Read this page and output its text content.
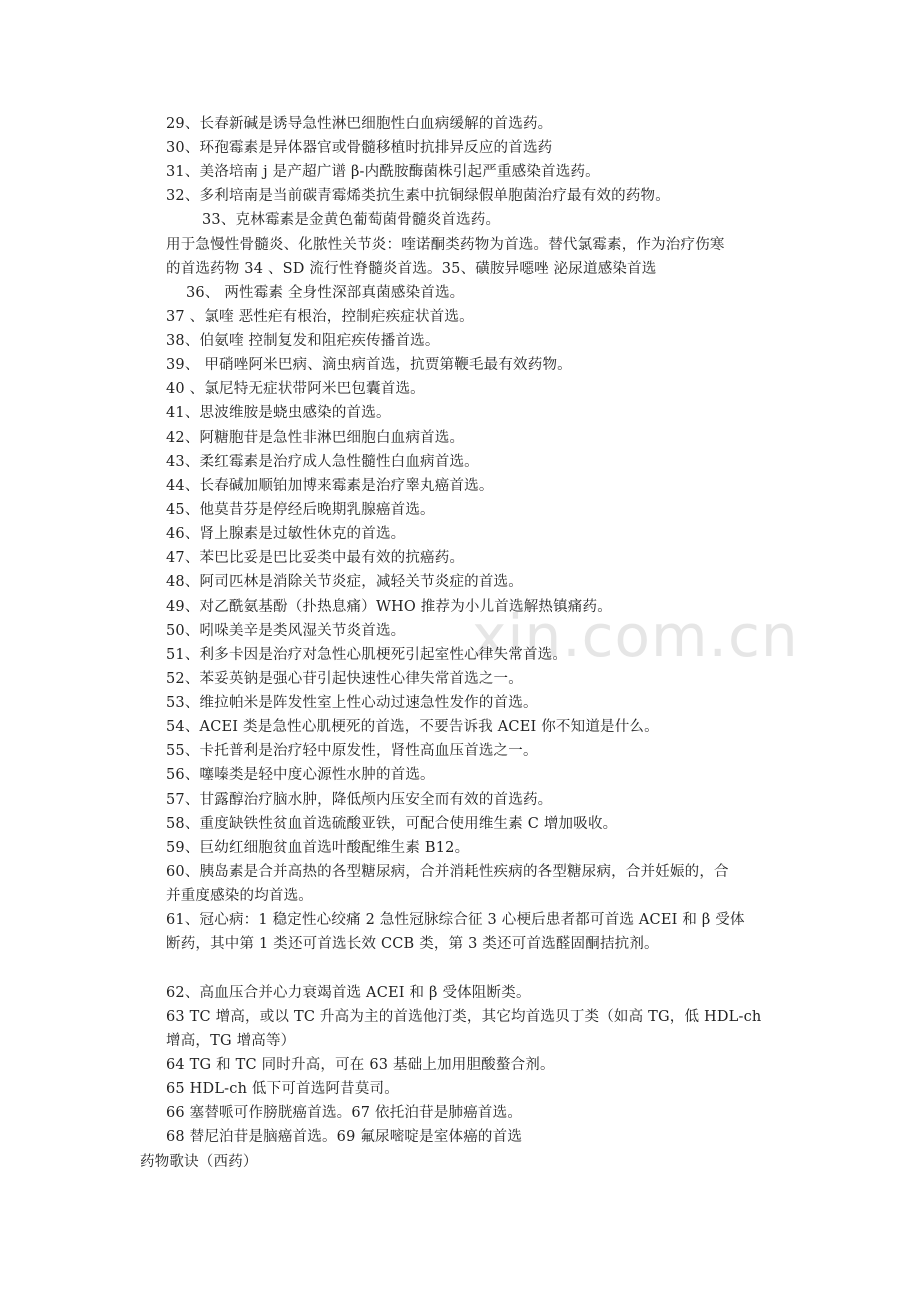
xin.com.cn
29、长春新碱是诱导急性淋巴细胞性白血病缓解的首选药。
30、环孢霉素是异体器官或骨髓移植时抗排异反应的首选药
31、美洛培南 j 是产超广谱 β-内酰胺酶菌株引起严重感染首选药。
32、多利培南是当前碳青霉烯类抗生素中抗铜绿假单胞菌治疗最有效的药物。
33、克林霉素是金黄色葡萄菌骨髓炎首选药。
用于急慢性骨髓炎、化脓性关节炎：喹诺酮类药物为首选。替代氯霉素，作为治疗伤寒
的首选药物 34 、SD 流行性脊髓炎首选。35、磺胺异噁唑 泌尿道感染首选
36、 两性霉素 全身性深部真菌感染首选。
37 、氯喹 恶性疟有根治，控制疟疾症状首选。
38、伯氨喹 控制复发和阻疟疾传播首选。
39、 甲硝唑阿米巴病、滴虫病首选，抗贾第鞭毛最有效药物。
40 、氯尼特无症状带阿米巴包囊首选。
41、思波维胺是蛲虫感染的首选。
42、阿糖胞苷是急性非淋巴细胞白血病首选。
43、柔红霉素是治疗成人急性髓性白血病首选。
44、长春碱加顺铂加博来霉素是治疗睾丸癌首选。
45、他莫昔芬是停经后晚期乳腺癌首选。
46、肾上腺素是过敏性休克的首选。
47、苯巴比妥是巴比妥类中最有效的抗癌药。
48、阿司匹林是消除关节炎症，减轻关节炎症的首选。
49、对乙酰氨基酚（扑热息痛）WHO 推荐为小儿首选解热镇痛药。
50、吲哚美辛是类风湿关节炎首选。
51、利多卡因是治疗对急性心肌梗死引起室性心律失常首选。
52、苯妥英钠是强心苷引起快速性心律失常首选之一。
53、维拉帕米是阵发性室上性心动过速急性发作的首选。
54、ACEI 类是急性心肌梗死的首选，不要告诉我 ACEI 你不知道是什么。
55、卡托普利是治疗轻中原发性，肾性高血压首选之一。
56、噻嗪类是轻中度心源性水肿的首选。
57、甘露醇治疗脑水肿，降低颅内压安全而有效的首选药。
58、重度缺铁性贫血首选硫酸亚铁，可配合使用维生素 C 增加吸收。
59、巨幼红细胞贫血首选叶酸配维生素 B12。
60、胰岛素是合并高热的各型糖尿病，合并消耗性疾病的各型糖尿病，合并妊娠的，合
并重度感染的均首选。
61、冠心病：1 稳定性心绞痛 2 急性冠脉综合征 3 心梗后患者都可首选 ACEI 和 β 受体
断药，其中第 1 类还可首选长效 CCB 类，第 3 类还可首选醛固酮拮抗剂。
62、高血压合并心力衰竭首选 ACEI 和 β 受体阻断类。
63 TC 增高，或以 TC 升高为主的首选他汀类，其它均首选贝丁类（如高 TG，低 HDL-ch
增高，TG 增高等）
64 TG 和 TC 同时升高，可在 63 基础上加用胆酸螯合剂。
65 HDL-ch 低下可首选阿昔莫司。
66 塞替哌可作膀胱癌首选。67 依托泊苷是肺癌首选。
68 替尼泊苷是脑癌首选。69 氟尿嘧啶是室体癌的首选
药物歌诀（西药）
